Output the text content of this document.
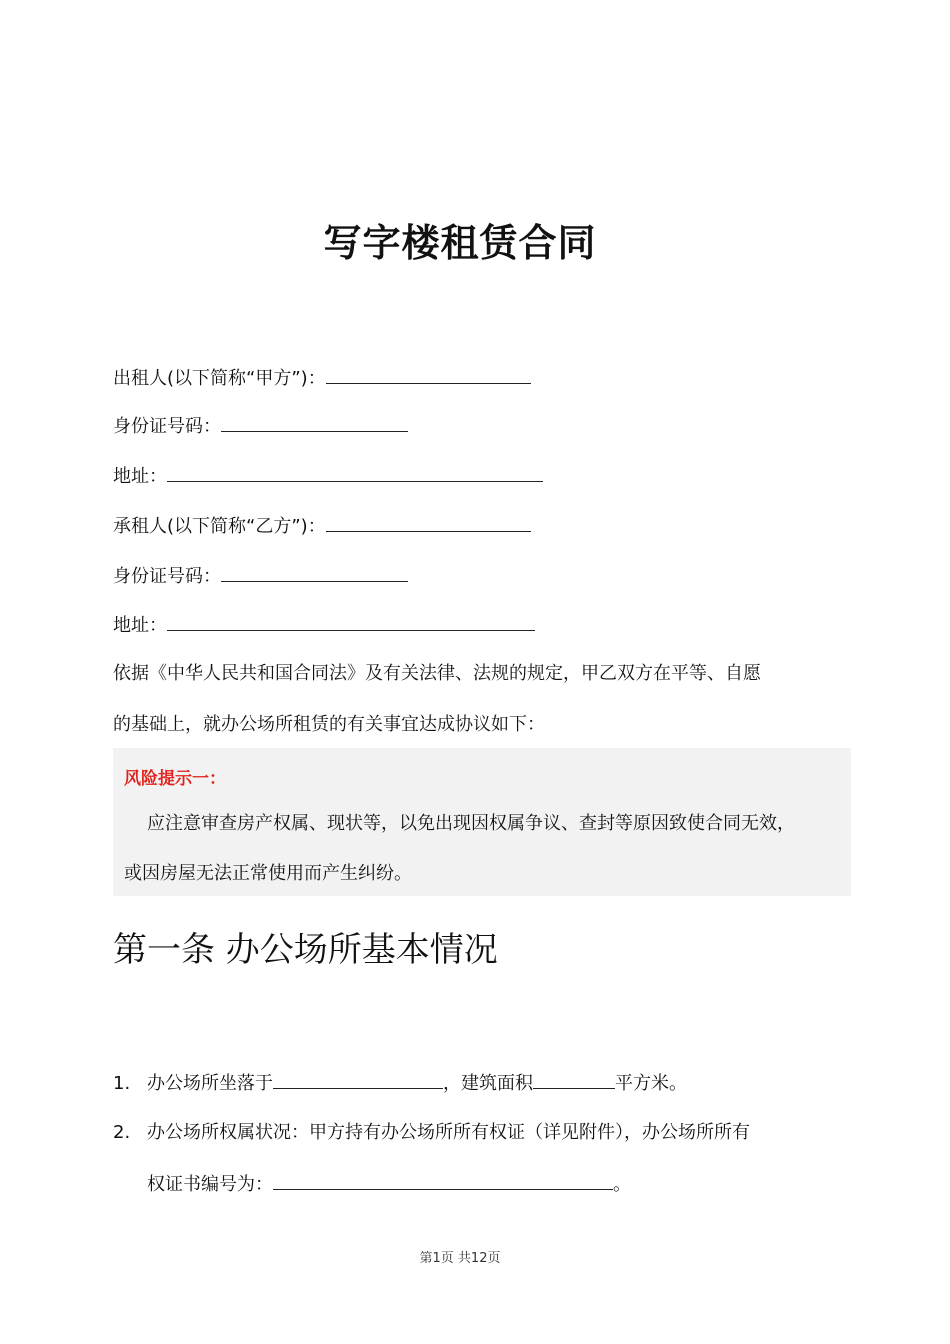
写字楼租赁合同
出租人(以下简称“甲方”)：
身份证号码：
地址：
承租人(以下简称“乙方”)：
身份证号码：
地址：
依据《中华人民共和国合同法》及有关法律、法规的规定，甲乙双方在平等、自愿
的基础上，就办公场所租赁的有关事宜达成协议如下：
风险提示一：
应注意审查房产权属、现状等，以免出现因权属争议、查封等原因致使合同无效，
或因房屋无法正常使用而产生纠纷。
第一条 办公场所基本情况
1. 办公场所坐落于	，建筑面积	平方米。
2. 办公场所权属状况：甲方持有办公场所所有权证（详见附件），办公场所所有
权证书编号为：	。
第1页 共12页
